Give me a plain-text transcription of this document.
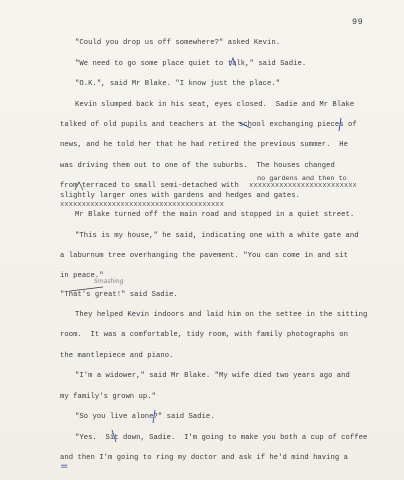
99
"Could you drop us off somewhere?" asked Kevin.
"We need to go some place quiet to talk," said Sadie.
"O.K.", said Mr Blake. "I know just the place."
Kevin slumped back in his seat, eyes closed.  Sadie and Mr Blake
talked of old pupils and teachers at the school exchanging pieces of
news, and he told her that he had retired the previous summer.  He
was driving them out to one of the suburbs.  The houses changed
no gardens and then to
from terraced to small semi-detached with xxxxxxxxxxxxxxxxxxxxxxxxx
slightly larger ones with gardens and hedges and gates.
xxxxxxxxxxxxxxxxxxxxxxxxxxxxxxxxxxxxxx
Mr Blake turned off the main road and stopped in a quiet street.
"This is my house," he said, indicating one with a white gate and
a laburnum tree overhanging the pavement. "You can come in and sit
in peace."
Smashing
"That's great!" said Sadie.
They helped Kevin indoors and laid him on the settee in the sitting
room.  It was a comfortable, tidy room, with family photographs on
the mantlepiece and piano.
"I'm a widower," said Mr Blake. "My wife died two years ago and
my family's grown up."
"So you live alone?" said Sadie.
"Yes.  Sit down, Sadie.  I'm going to make you both a cup of coffee
and then I'm going to ring my doctor and ask if he'd mind having a
=
